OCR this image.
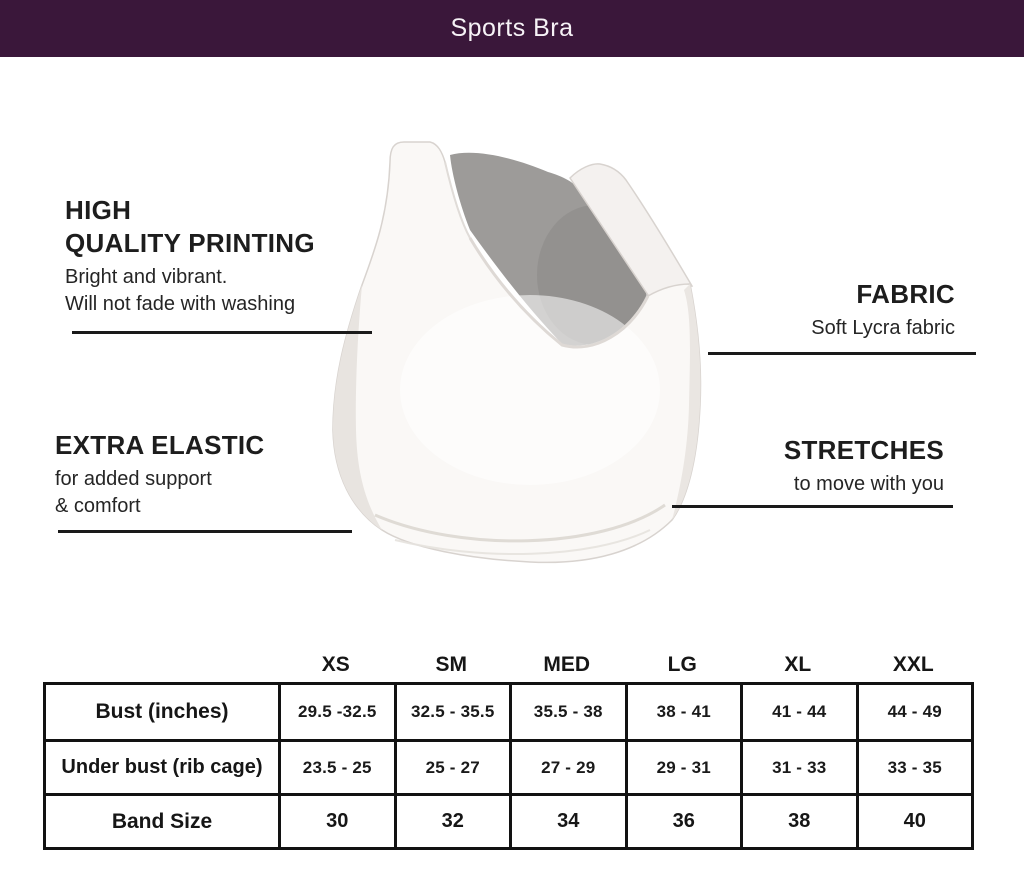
Sports Bra
HIGH
QUALITY PRINTING
Bright and vibrant.
Will not fade with washing	FABRIC
Soft Lycra fabric
EXTRA ELASTIC
for added support
& comfort
STRETCHES
to move with you
XS	SM	MED	LG	XL	XXL
Bust (inches)	29.5 -32.5	32.5 - 35.5	35.5 - 38	38 - 41	41 - 44	44 - 49
Under bust (rib cage)	23.5 - 25	25 - 27	27 - 29	29 - 31	31 - 33	33 - 35
Band Size	30	32	34	36	38	40
